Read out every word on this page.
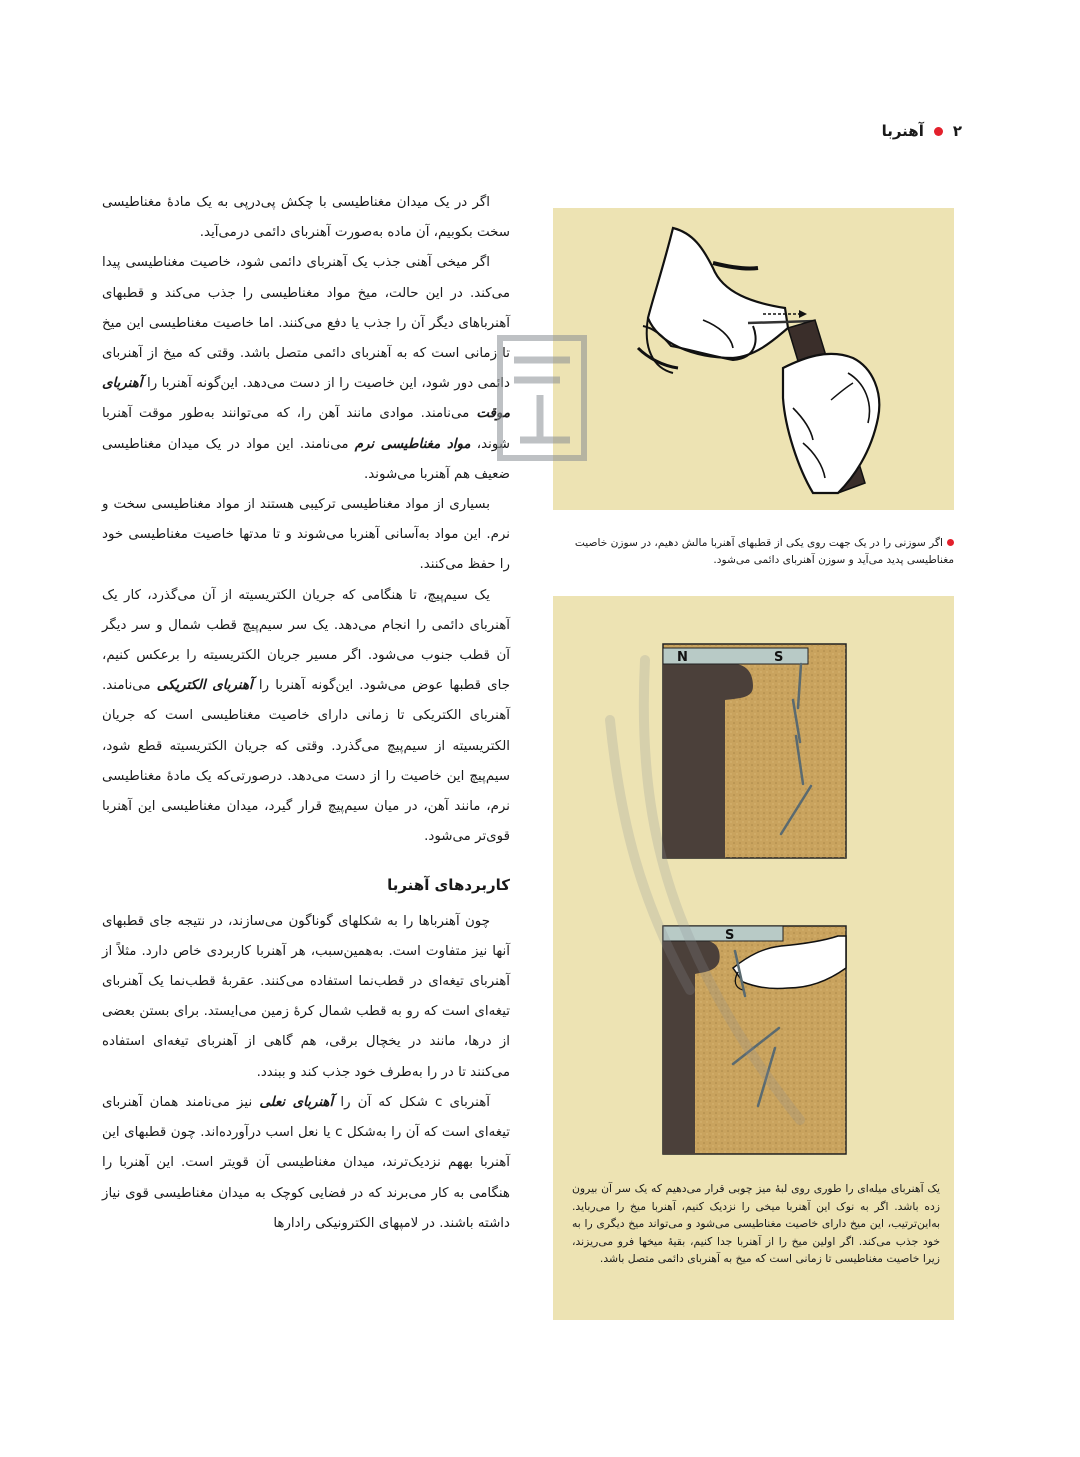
۲
آهنربا

اگر در یک میدان مغناطیسی با چکش پی‌درپی به یک مادهٔ مغناطیسی سخت بکوبیم، آن ماده به‌صورت آهنربای دائمی درمی‌آید.

اگر میخی آهنی جذب یک آهنربای دائمی شود، خاصیت مغناطیسی پیدا می‌کند. در این حالت، میخ مواد مغناطیسی را جذب می‌کند و قطبهای آهنرباهای دیگر آن را جذب یا دفع می‌کنند. اما خاصیت مغناطیسی این میخ تا زمانی است که به آهنربای دائمی متصل باشد. وقتی که میخ از آهنربای دائمی دور شود، این خاصیت را از دست می‌دهد. این‌گونه آهنربا را آهنربای موقت می‌نامند. موادی مانند آهن را، که می‌توانند به‌طور موقت آهنربا شوند، مواد مغناطیسی نرم می‌نامند. این مواد در یک میدان مغناطیسی ضعیف هم آهنربا می‌شوند.

بسیاری از مواد مغناطیسی ترکیبی هستند از مواد مغناطیسی سخت و نرم. این مواد به‌آسانی آهنربا می‌شوند و تا مدتها خاصیت مغناطیسی خود را حفظ می‌کنند.

یک سیم‌پیچ، تا هنگامی که جریان الکتریسیته از آن می‌گذرد، کار یک آهنربای دائمی را انجام می‌دهد. یک سر سیم‌پیچ قطب شمال و سر دیگر آن قطب جنوب می‌شود. اگر مسیر جریان الکتریسیته را برعکس کنیم، جای قطبها عوض می‌شود. این‌گونه آهنربا را آهنربای الکتریکی می‌نامند. آهنربای الکتریکی تا زمانی دارای خاصیت مغناطیسی است که جریان الکتریسیته از سیم‌پیچ می‌گذرد. وقتی که جریان الکتریسیته قطع شود، سیم‌پیچ این خاصیت را از دست می‌دهد. درصورتی‌که یک مادهٔ مغناطیسی نرم، مانند آهن، در میان سیم‌پیچ قرار گیرد، میدان مغناطیسی این آهنربا قوی‌تر می‌شود.

کاربردهای آهنربا

چون آهنرباها را به شکلهای گوناگون می‌سازند، در نتیجه جای قطبهای آنها نیز متفاوت است. به‌همین‌سبب، هر آهنربا کاربردی خاص دارد. مثلاً از آهنربای تیغه‌ای در قطب‌نما استفاده می‌کنند. عقربهٔ قطب‌نما یک آهنربای تیغه‌ای است که رو به قطب شمال کرهٔ زمین می‌ایستد. برای بستن بعضی از درها، مانند در یخچال برقی، هم گاهی از آهنربای تیغه‌ای استفاده می‌کنند تا در را به‌طرف خود جذب کند و ببندد.

آهنربای c شکل که آن را آهنربای نعلی نیز می‌نامند همان آهنربای تیغه‌ای است که آن را به‌شکل c یا نعل اسب درآورده‌اند. چون قطبهای این آهنربا بههم نزدیک‌ترند، میدان مغناطیسی آن قویتر است. این آهنربا را هنگامی به کار می‌برند که در فضایی کوچک به میدان مغناطیسی قوی نیاز داشته باشند. در لامپهای الکترونیکی رادارها

اگر سوزنی را در یک جهت روی یکی از قطبهای آهنربا مالش دهیم، در سوزن خاصیت مغناطیسی پدید می‌آید و سوزن آهنربای دائمی می‌شود.
N	S
S
یک آهنربای میله‌ای را طوری روی لبهٔ میز چوبی قرار می‌دهیم که یک سر آن بیرون زده باشد. اگر به نوک این آهنربا میخی را نزدیک کنیم، آهنربا میخ را می‌رباید. به‌این‌ترتیب، این میخ دارای خاصیت مغناطیسی می‌شود و می‌تواند میخ دیگری را به خود جذب می‌کند. اگر اولین میخ را از آهنربا جدا کنیم، بقیهٔ میخها فرو می‌ریزند، زیرا خاصیت مغناطیسی تا زمانی است که میخ به آهنربای دائمی متصل باشد.
